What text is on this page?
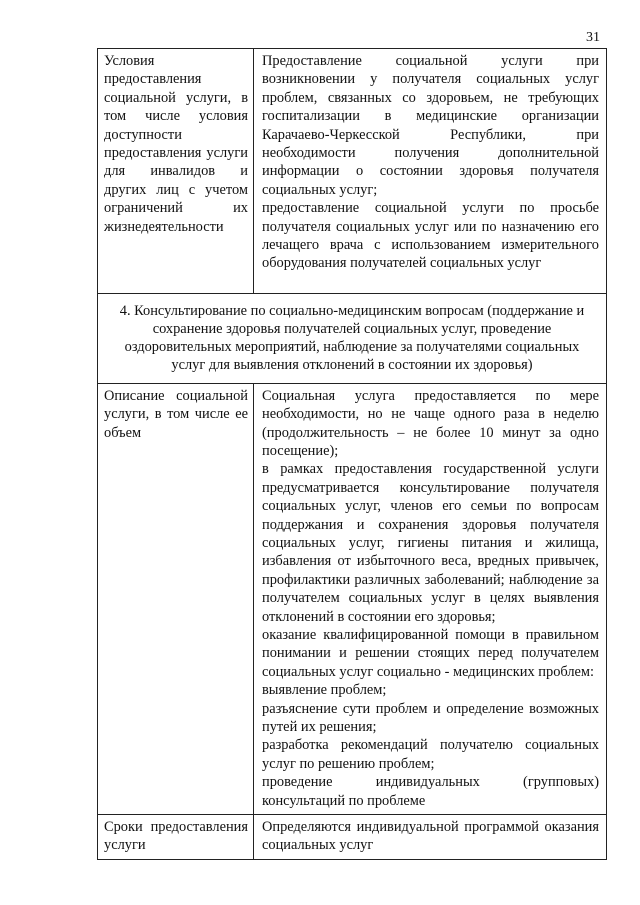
31
Условия предоставления социальной услуги, в том числе условия доступности предоставления услуги для инвалидов и других лиц с учетом ограничений их жизнедеятельности

Предоставление социальной услуги при возникновении у получателя социальных услуг проблем, связанных со здоровьем, не требующих госпитализации в медицинские организации Карачаево-Черкесской Республики, при необходимости получения дополнительной информации о состоянии здоровья получателя социальных услуг;

предоставление социальной услуги по просьбе получателя социальных услуг или по назначению его лечащего врача с использованием измерительного оборудования получателей социальных услуг

4. Консультирование по социально-медицинским вопросам (поддержание и сохранение здоровья получателей социальных услуг, проведение оздоровительных мероприятий, наблюдение за получателями социальных услуг для выявления отклонений в состоянии их здоровья)
Описание социальной услуги, в том числе ее объем

Социальная услуга предоставляется по мере необходимости, но не чаще одного раза в неделю (продолжительность – не более 10 минут за одно посещение);

в рамках предоставления государственной услуги предусматривается консультирование получателя социальных услуг, членов его семьи по вопросам поддержания и сохранения здоровья получателя социальных услуг, гигиены питания и жилища, избавления от избыточного веса, вредных привычек, профилактики различных заболеваний; наблюдение за получателем социальных услуг в целях выявления отклонений в состоянии его здоровья;

оказание квалифицированной помощи в правильном понимании и решении стоящих перед получателем социальных услуг социально - медицинских проблем:

выявление проблем;

разъяснение сути проблем и определение возможных путей их решения;

разработка рекомендаций получателю социальных услуг по решению проблем;

проведение индивидуальных (групповых) консультаций по проблеме

Сроки предоставления услуги

Определяются индивидуальной программой оказания социальных услуг
